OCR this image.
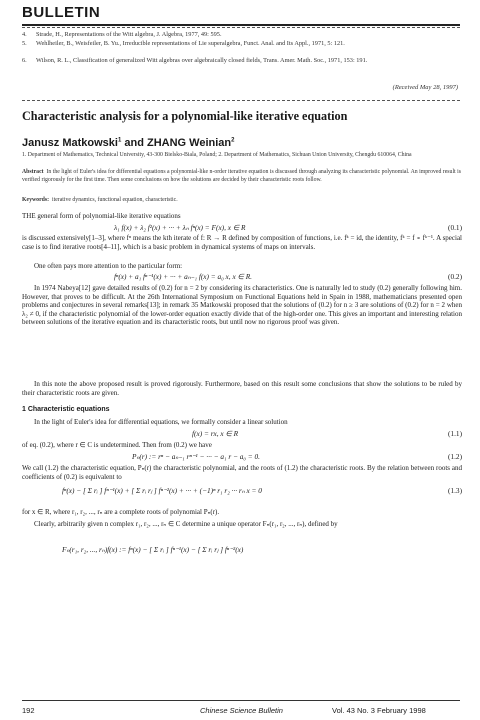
BULLETIN
4. Strade, H., Representations of the Witt algebra, J. Algebra, 1977, 49: 595.
5. Wehlheiler, B., Weisfeiler, B. Yu., Irreducible representations of Lie superalgebra, Funct. Anal. and Its Appl., 1971, 5: 121.
6. Wilson, R. L., Classification of generalized Witt algebras over algebraically closed fields, Trans. Amer. Math. Soc., 1971, 153: 191.
(Received May 28, 1997)
Characteristic analysis for a polynomial-like iterative equation
Janusz Matkowski$^1$ and ZHANG Weinian$^2$
1. Department of Mathematics, Technical University, 43-300 Bielsko-Biala, Poland; 2. Department of Mathematics, Sichuan Union University, Chengdu 610064, China
Abstract In the light of Euler's idea for differential equations a polynomial-like n-order iterative equation is discussed through analyzing its characteristic polynomial. An improved result is verified rigorously for the first time. Then some conclusions on how the solutions are decided by their characteristic roots follow.
Keywords: iterative dynamics, functional equation, characteristic.
THE general form of polynomial-like iterative equations
λ₁ f(x) + λ₂ f²(x) + ··· + λₙ fⁿ(x) = F(x), x ∈ R	(0.1)
is discussed extensively[1–3], where fⁿ means the kth iterate of f: R → R defined by composition of functions, i.e. fᵏ = id, the identity, fᵏ = f ∘ fᵏ⁻¹. A special case is to find iterative roots[4–11], which is a basic problem in dynamical systems of maps on intervals.
One often pays more attention to the particular form:
fⁿ(x) + a₁ fⁿ⁻¹(x) + ··· + aₙ₋₁ f(x) = a₀ x, x ∈ R.	(0.2)
In 1974 Nabeya[12] gave detailed results of (0.2) for n = 2 by considering its characteristics. One is naturally led to study (0.2) generally following him. However, that proves to be difficult. At the 26th International Symposium on Functional Equations held in Spain in 1988, mathematicians presented open problems and conjectures in several remarks[13]; in remark 35 Matkowski proposed that the solutions of (0.2) for n ≥ 3 are solutions of (0.2) for n = 2 when λ₂ ≠ 0, if the characteristic polynomial of the lower-order equation exactly divide that of the high-order one. This gives an important and interesting relation between solutions of the iterative equation and its characteristic roots, but until now no rigorous proof was given.
In this note the above proposed result is proved rigorously. Furthermore, based on this result some conclusions that show the solutions to be ruled by their characteristic roots are given.
1 Characteristic equations
In the light of Euler's idea for differential equations, we formally consider a linear solution
f(x) = rx, x ∈ R	(1.1)
of eq. (0.2), where r ∈ C is undetermined. Then from (0.2) we have
Pₙ(r) := rⁿ − aₙ₋₁ rⁿ⁻¹ − ··· − a₁ r − a₀ = 0.	(1.2)
We call (1.2) the characteristic equation, Pₙ(r) the characteristic polynomial, and the roots of (1.2) the characteristic roots. By the relation between roots and coefficients of (0.2) is equivalent to
fⁿ(x) − [ Σ rᵢ ] fⁿ⁻¹(x) + [ Σ rᵢ rⱼ ] fⁿ⁻²(x) + ··· + (−1)ⁿ r₁ r₂ ··· rₙ x = 0	(1.3)
for x ∈ R, where r₁, r₂, ..., rₙ are a complete roots of polynomial Pₙ(r).
Clearly, arbitrarily given n complex r₁, r₂, ..., rₙ ∈ C determine a unique operator Fₙ(r₁, r₂, ..., rₙ), defined by
Fₙ(r₁, r₂, ..., rₙ)f(x) := fⁿ(x) − [ Σ rᵢ ] fⁿ⁻¹(x) − [ Σ rᵢ rⱼ ] fⁿ⁻²(x)
192	Chinese Science Bulletin	Vol. 43 No. 3 February 1998
